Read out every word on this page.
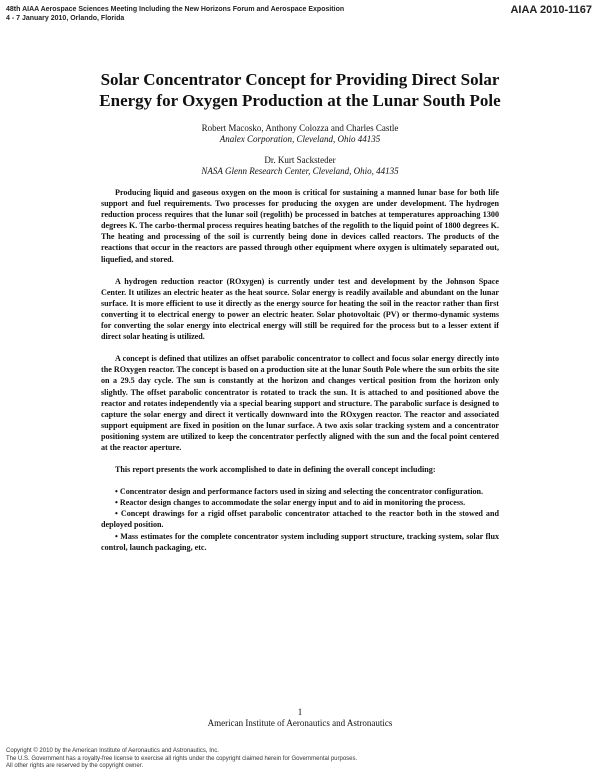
48th AIAA Aerospace Sciences Meeting Including the New Horizons Forum and Aerospace Exposition
4 - 7 January 2010, Orlando, Florida
AIAA 2010-1167
Solar Concentrator Concept for Providing Direct Solar
Energy for Oxygen Production at the Lunar South Pole
Robert Macosko, Anthony Colozza and Charles Castle
Analex Corporation, Cleveland, Ohio 44135
Dr. Kurt Sacksteder
NASA Glenn Research Center, Cleveland, Ohio, 44135

Producing liquid and gaseous oxygen on the moon is critical for sustaining a manned lunar base for both life support and fuel requirements. Two processes for producing the oxygen are under development. The hydrogen reduction process requires that the lunar soil (regolith) be processed in batches at temperatures approaching 1300 degrees K. The carbo-thermal process requires heating batches of the regolith to the liquid point of 1800 degrees K. The heating and processing of the soil is currently being done in devices called reactors. The products of the reactions that occur in the reactors are passed through other equipment where oxygen is ultimately separated out, liquefied, and stored.

A hydrogen reduction reactor (ROxygen) is currently under test and development by the Johnson Space Center. It utilizes an electric heater as the heat source. Solar energy is readily available and abundant on the lunar surface. It is more efficient to use it directly as the energy source for heating the soil in the reactor rather than first converting it to electrical energy to power an electric heater. Solar photovoltaic (PV) or thermo-dynamic systems for converting the solar energy into electrical energy will still be required for the process but to a lesser extent if direct solar heating is utilized.

A concept is defined that utilizes an offset parabolic concentrator to collect and focus solar energy directly into the ROxygen reactor. The concept is based on a production site at the lunar South Pole where the sun orbits the site on a 29.5 day cycle. The sun is constantly at the horizon and changes vertical position from the horizon only slightly. The offset parabolic concentrator is rotated to track the sun. It is attached to and positioned above the reactor and rotates independently via a special bearing support and structure. The parabolic surface is designed to capture the solar energy and direct it vertically downward into the ROxygen reactor. The reactor and associated support equipment are fixed in position on the lunar surface. A two axis solar tracking system and a concentrator positioning system are utilized to keep the concentrator perfectly aligned with the sun and the focal point centered at the reactor aperture.

This report presents the work accomplished to date in defining the overall concept including:

• Concentrator design and performance factors used in sizing and selecting the concentrator configuration.
• Reactor design changes to accommodate the solar energy input and to aid in monitoring the process.
• Concept drawings for a rigid offset parabolic concentrator attached to the reactor both in the stowed and deployed position.
• Mass estimates for the complete concentrator system including support structure, tracking system, solar flux control, launch packaging, etc.
1
American Institute of Aeronautics and Astronautics
Copyright © 2010 by the American Institute of Aeronautics and Astronautics, Inc.
The U.S. Government has a royalty-free license to exercise all rights under the copyright claimed herein for Governmental purposes.
All other rights are reserved by the copyright owner.
